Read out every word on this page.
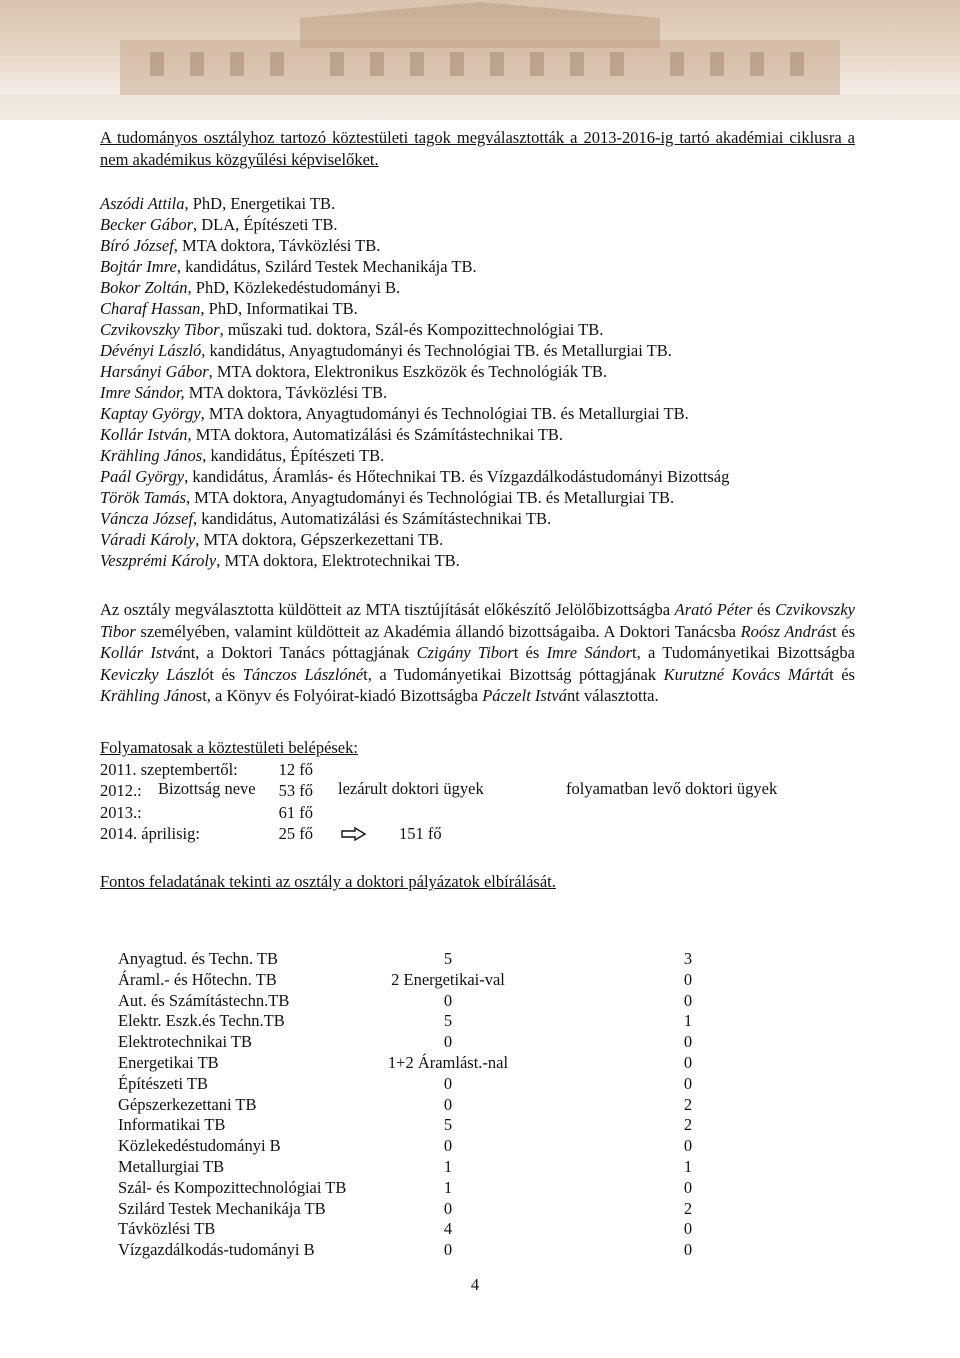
A tudományos osztályhoz tartozó köztestületi tagok megválasztották a 2013-2016-ig tartó akadémiai ciklusra a nem akadémikus közgyűlési képviselőket.

Aszódi Attila, PhD, Energetikai TB.
Becker Gábor, DLA, Építészeti TB.
Bíró József, MTA doktora, Távközlési TB.
Bojtár Imre, kandidátus, Szilárd Testek Mechanikája TB.
Bokor Zoltán, PhD, Közlekedéstudományi B.
Charaf Hassan, PhD, Informatikai TB.
Czvikovszky Tibor, műszaki tud. doktora, Szál-és Kompozittechnológiai TB.
Dévényi László, kandidátus, Anyagtudományi és Technológiai TB. és Metallurgiai TB.
Harsányi Gábor, MTA doktora, Elektronikus Eszközök és Technológiák TB.
Imre Sándor, MTA doktora, Távközlési TB.
Kaptay György, MTA doktora, Anyagtudományi és Technológiai TB. és Metallurgiai TB.
Kollár István, MTA doktora, Automatizálási és Számítástechnikai TB.
Krähling János, kandidátus, Építészeti TB.
Paál György, kandidátus, Áramlás- és Hőtechnikai TB. és Vízgazdálkodástudományi Bizottság
Török Tamás, MTA doktora, Anyagtudományi és Technológiai TB. és Metallurgiai TB.
Váncza József, kandidátus, Automatizálási és Számítástechnikai TB.
Váradi Károly, MTA doktora, Gépszerkezettani TB.
Veszprémi Károly, MTA doktora, Elektrotechnikai TB.

Az osztály megválasztotta küldötteit az MTA tisztújítását előkészítő Jelölőbizottságba Arató Péter és Czvikovszky Tibor személyében, valamint küldötteit az Akadémia állandó bizottságaiba. A Doktori Tanácsba Roósz Andrást és Kollár Istvánt, a Doktori Tanács póttagjának Czigány Tibort és Imre Sándort, a Tudományetikai Bizottságba Keviczky Lászlót és Tánczos Lászlónét, a Tudományetikai Bizottság póttagjának Kurutzné Kovács Mártát és Krähling Jánost, a Könyv és Folyóirat-kiadó Bizottságba Páczelt Istvánt választotta.

Folyamatosak a köztestületi belépések:
2011. szeptembertől:	12 fő
2012.:	53 fő
2013.:	61 fő
2014. áprilisig:	25 fő	151 fő
Fontos feladatának tekinti az osztály a doktori pályázatok elbírálását.
Bizottság neve	lezárult doktori ügyek	folyamatban levő doktori ügyek
Anyagtud. és Techn. TB	5	3
Áraml.- és Hőtechn. TB	2 Energetikai-val	0
Aut. és Számítástechn.TB	0	0
Elektr. Eszk.és Techn.TB	5	1
Elektrotechnikai TB	0	0
Energetikai TB	1+2 Áramlást.-nal	0
Építészeti TB	0	0
Gépszerkezettani TB	0	2
Informatikai TB	5	2
Közlekedéstudományi B	0	0
Metallurgiai TB	1	1
Szál- és Kompozittechnológiai TB	1	0
Szilárd Testek Mechanikája TB	0	2
Távközlési TB	4	0
Vízgazdálkodás-tudományi B	0	0
4
